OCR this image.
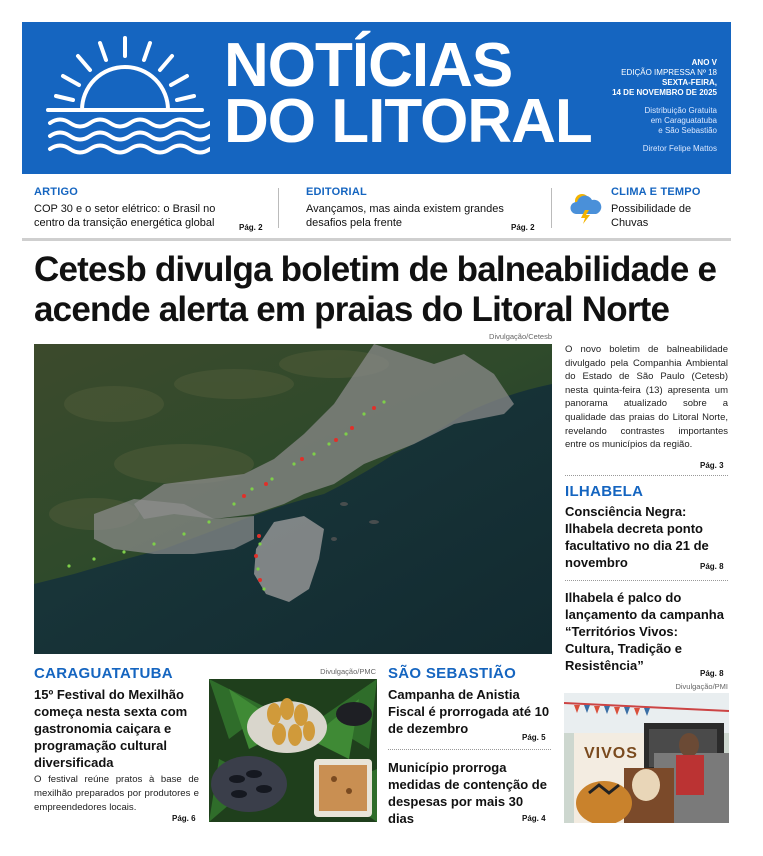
NOTÍCIAS
DO LITORAL
ANO V
EDIÇÃO IMPRESSA Nº 18
SEXTA-FEIRA,
14 DE NOVEMBRO DE 2025
Distribuição Gratuita
em Caraguatatuba
e São Sebastião
Diretor Felipe Mattos
ARTIGO
COP 30 e o setor elétrico: o Brasil no centro da transição energética global	Pág. 2
EDITORIAL
Avançamos, mas ainda existem grandes desafios pela frente	Pág. 2
CLIMA E TEMPO
Possibilidade de Chuvas
Cetesb divulga boletim de balneabilidade e acende alerta em praias do Litoral Norte
Divulgação/Cetesb
O novo boletim de balneabilidade divulgado pela Companhia Ambiental do Estado de São Paulo (Cetesb) nesta quinta-feira (13) apresenta um panorama atualizado sobre a qualidade das praias do Litoral Norte, revelando contrastes importantes entre os municípios da região.
Pág. 3
ILHABELA
Consciência Negra: Ilhabela decreta ponto facultativo no dia 21 de novembro	Pág. 8
Ilhabela é palco do lançamento da campanha “Territórios Vivos: Cultura, Tradição e Resistência”
Pág. 8
Divulgação/PMI
VIVOS
CARAGUATATUBA
15º Festival do Mexilhão começa nesta sexta com gastronomia caiçara e programação cultural diversificada
O festival reúne pratos à base de mexilhão preparados por produtores e empreendedores locais.
Pág. 6
Divulgação/PMC SÃO SEBASTIÃO
Campanha de Anistia Fiscal é prorrogada até 10 de dezembro
Pág. 5
Município prorroga medidas de contenção de despesas por mais 30 dias	Pág. 4
